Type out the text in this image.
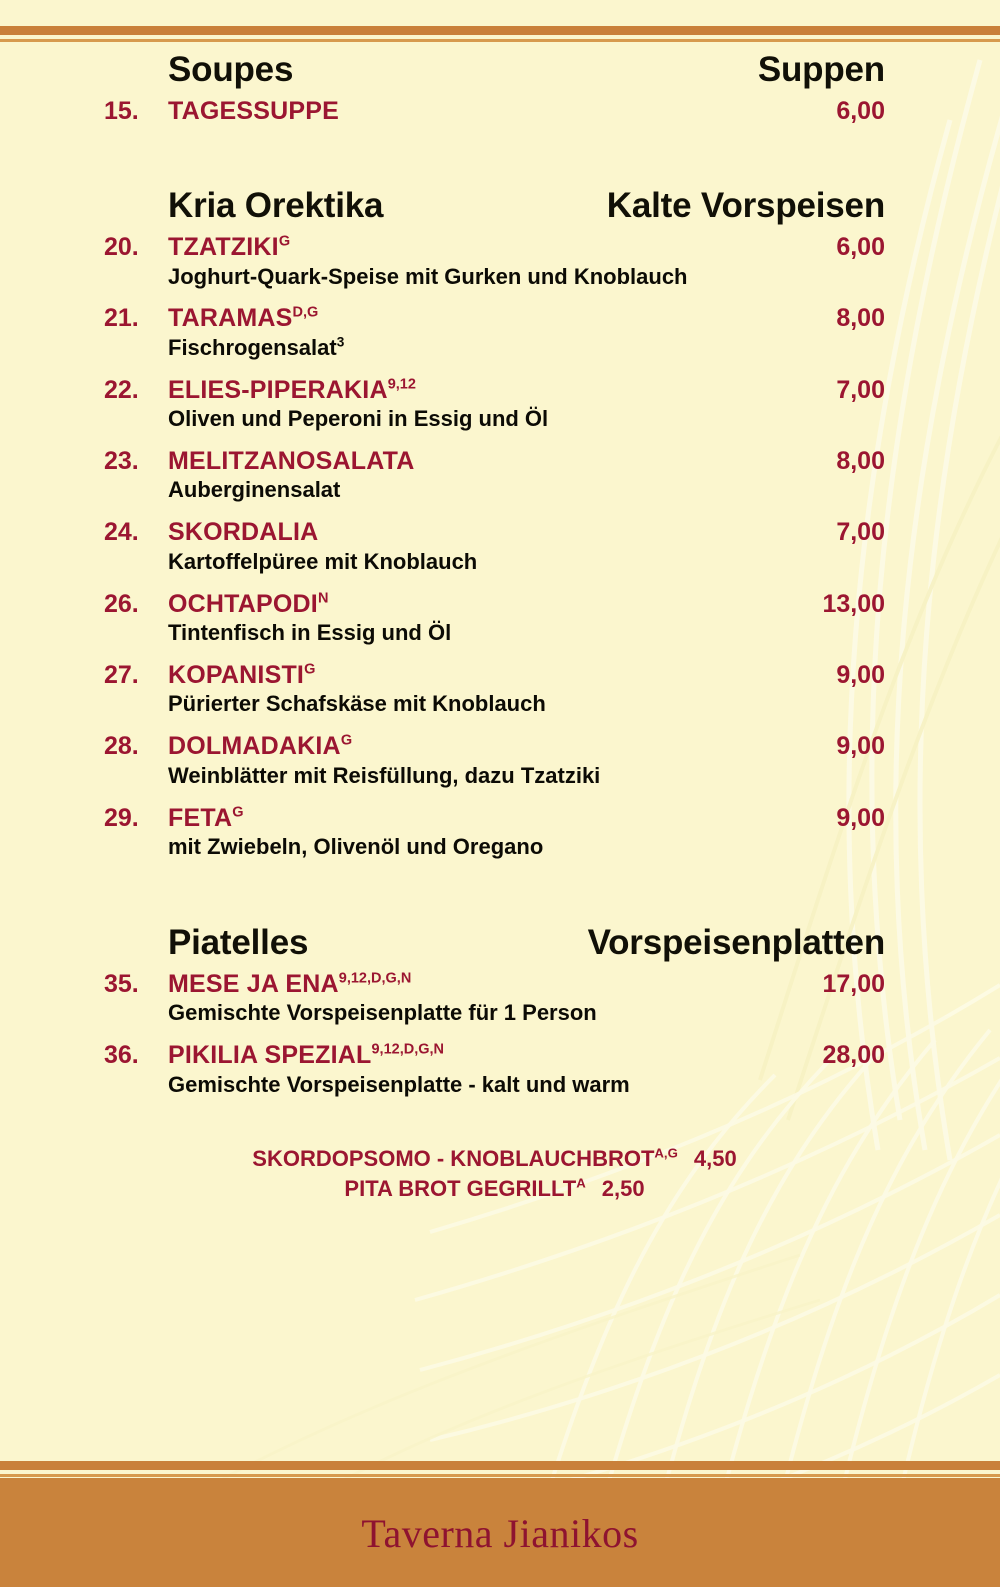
Soupes	Suppen
15.	TAGESSUPPE	6,00
Kria Orektika	Kalte Vorspeisen
20.	$TZATZIKI^G$	6,00
Joghurt-Quark-Speise mit Gurken und Knoblauch
21.	$TARAMAS^{D,G}$	8,00
Fischrogensalat$^3$
22.	ELIES-PIPERAKIA$^{9,12}$	7,00
Oliven und Peperoni in Essig und Öl
23.	MELITZANOSALATA	8,00
Auberginensalat
24.	SKORDALIA	7,00
Kartoffelpüree mit Knoblauch
26.	$OCHTAPODI^N$	13,00
Tintenfisch in Essig und Öl
27.	$KOPANISTI^G$	9,00
Pürierter Schafskäse mit Knoblauch
28.	$DOLMADAKIA^G$	9,00
Weinblätter mit Reisfüllung, dazu Tzatziki
29.	$FETA^G$	9,00
mit Zwiebeln, Olivenöl und Oregano
Piatelles	Vorspeisenplatten
35.	MESE JA $ENA^{9,12,D,G,N}$	17,00
Gemischte Vorspeisenplatte für 1 Person
36.	PIKILIA $SPEZIAL^{9,12,D,G,N}$	28,00
Gemischte Vorspeisenplatte - kalt und warm
SKORDOPSOMO - $KNOBLAUCHBROT^{A,G}$ 4,50
PITA BROT $GEGRILLT^A$ 2,50
Taverna Jianikos
